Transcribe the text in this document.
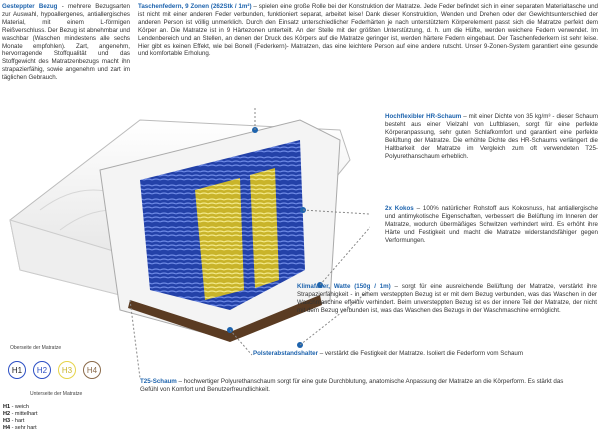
Gesteppter Bezug - mehrere Bezugsarten zur Auswahl, hypoallergenes, antiallergisches Material, mit einem L-förmigen Reißverschluss. Der Bezug ist abnehmbar und waschbar (Waschen mindestens alle sechs Monate empfohlen). Zart, angenehm, hervorragende Stoffqualität und das Stoffgewicht des Matratzenbezugs macht ihn strapazierfähig, sowie angenehm und zart im täglichen Gebrauch.
Taschenfedern, 9 Zonen (262Stk / 1m²) – spielen eine große Rolle bei der Konstruktion der Matratze. Jede Feder befindet sich in einer separaten Materialtasche und ist nicht mit einer anderen Feder verbunden, funktioniert separat, arbeitet leise! Dank dieser Konstruktion, Wenden und Drehen oder der Gewichtsunterschied der anderen Person ist völlig unmerklich. Durch den Einsatz unterschiedlicher Federhärten je nach unterstütztem Körperelement passt sich die Matratze perfekt dem Körper an. Die Matratze ist in 9 Härtezonen unterteilt. An der Stelle mit der größten Unterstützung, d. h. um die Hüfte, werden weichere Federn verwendet. Im Lendenbereich und an Stellen, an denen der Druck des Körpers auf die Matratze geringer ist, werden härtere Federn eingebaut. Der Taschenfederkern ist sehr leise. Hier gibt es keinen Effekt, wie bei Bonell (Federkern)- Matratzen, das eine leichtere Person auf eine andere rutscht. Unser 9-Zonen-System garantiert eine gesunde und komfortable Erholung.
Hochflexibler HR-Schaum – mit einer Dichte von 35 kg/m³ - dieser Schaum besteht aus einer Vielzahl von Luftblasen, sorgt für eine perfekte Körperanpassung, sehr guten Schlafkomfort und garantiert eine perfekte Belüftung der Matratze. Die erhöhte Dichte des HR-Schaums verlängert die Haltbarkeit der Matratze im Vergleich zum oft verwendeten T25-Polyurethanschaum erheblich.
2x Kokos – 100% natürlicher Rohstoff aus Kokosnuss, hat antiallergische und antimykotische Eigenschaften, verbessert die Belüftung im Inneren der Matratze, wodurch übermäßiges Schwitzen verhindert wird. Es erhöht ihre Härte und Festigkeit und macht die Matratze widerstandsfähiger gegen Verformungen.
Klimafaser, Watte (150g / 1m) – sorgt für eine ausreichende Belüftung der Matratze, verstärkt ihre Strapazierfähigkeit - in einem versteppten Bezug ist er mit dem Bezug verbunden, was das Waschen in der Waschmaschine effektiv verhindert. Beim unversteppten Bezug ist es der innere Teil der Matratze, der nicht mit dem Bezug verbunden ist, was das Waschen des Bezugs in der Waschmaschine ermöglicht.
Polsterabstandshalter – verstärkt die Festigkeit der Matratze. Isoliert die Federform vom Schaum
T25-Schaum – hochwertiger Polyurethanschaum sorgt für eine gute Durchblutung, anatomische Anpassung der Matratze an die Körperform. Es stärkt das Gefühl von Komfort und Benutzerfreundlichkeit.
Oberseite der Matratze
H1	H2	H3	H4
Unterseite der Matratze
H1 - weich
H2 - mittelhart
H3 - hart
H4 - sehr hart
